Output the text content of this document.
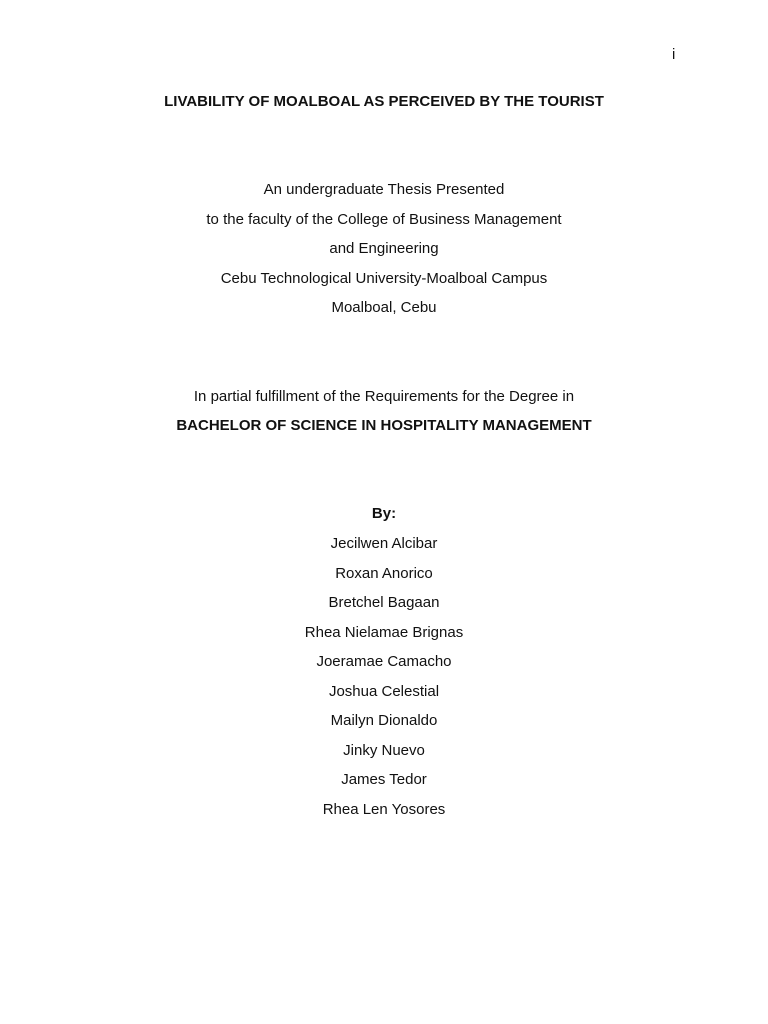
i
LIVABILITY OF MOALBOAL AS PERCEIVED BY THE TOURIST
An undergraduate Thesis Presented
to the faculty of the College of Business Management
and Engineering
Cebu Technological University-Moalboal Campus
Moalboal, Cebu
In partial fulfillment of the Requirements for the Degree in
BACHELOR OF SCIENCE IN HOSPITALITY MANAGEMENT
By:
Jecilwen Alcibar
Roxan Anorico
Bretchel Bagaan
Rhea Nielamae Brignas
Joeramae Camacho
Joshua Celestial
Mailyn Dionaldo
Jinky Nuevo
James Tedor
Rhea Len Yosores
